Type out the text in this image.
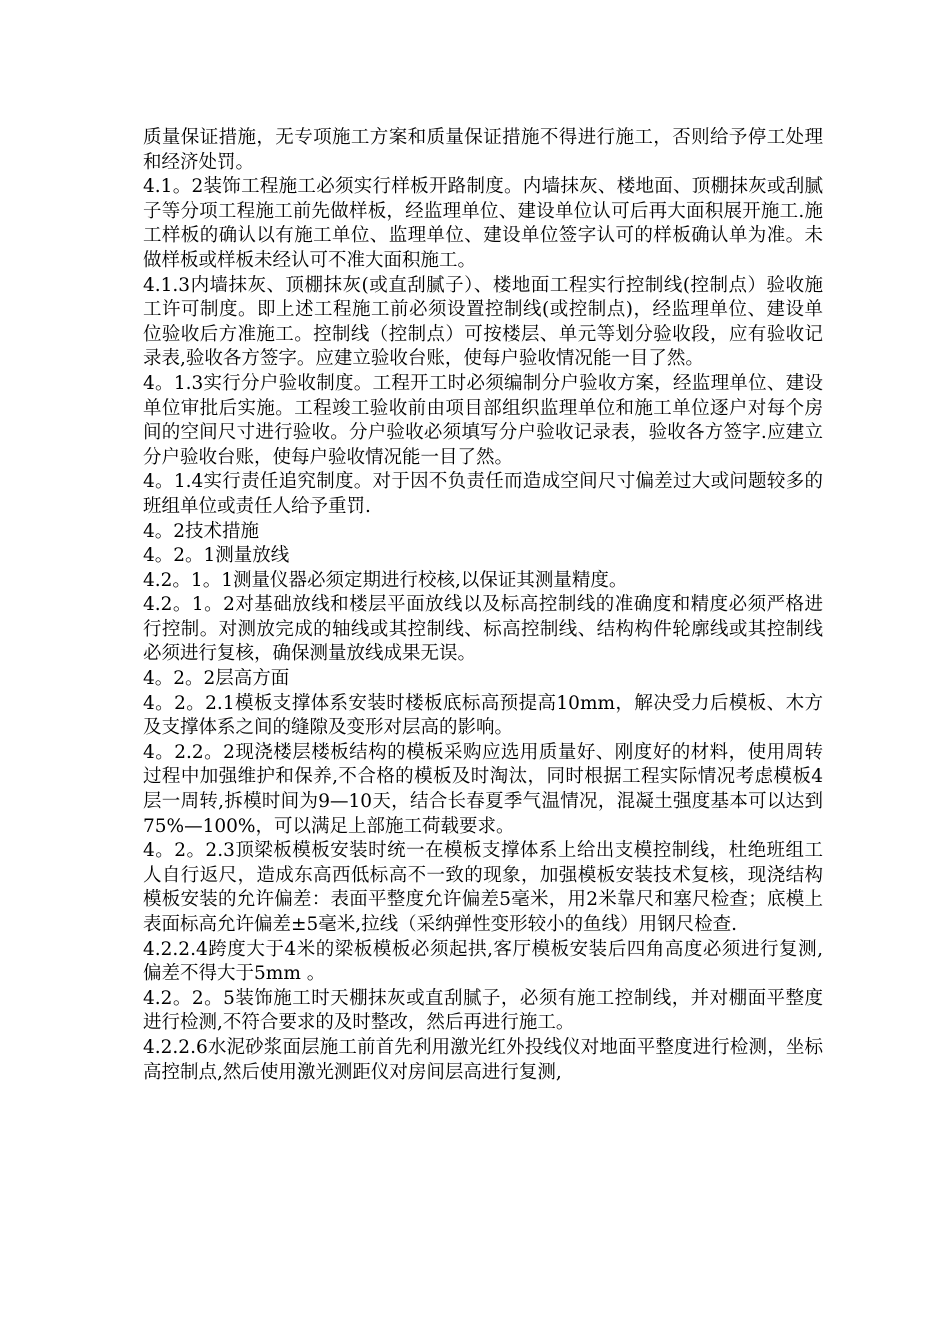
质量保证措施，无专项施工方案和质量保证措施不得进行施工，否则给予停工处理和经济处罚。

4.1。2装饰工程施工必须实行样板开路制度。内墙抹灰、楼地面、顶棚抹灰或刮腻子等分项工程施工前先做样板，经监理单位、建设单位认可后再大面积展开施工.施工样板的确认以有施工单位、监理单位、建设单位签字认可的样板确认单为准。未做样板或样板未经认可不准大面积施工。

4.1.3内墙抹灰、顶棚抹灰(或直刮腻子）、楼地面工程实行控制线(控制点）验收施工许可制度。即上述工程施工前必须设置控制线(或控制点)，经监理单位、建设单位验收后方准施工。控制线（控制点）可按楼层、单元等划分验收段，应有验收记录表,验收各方签字。应建立验收台账，使每户验收情况能一目了然。

4。1.3实行分户验收制度。工程开工时必须编制分户验收方案，经监理单位、建设单位审批后实施。工程竣工验收前由项目部组织监理单位和施工单位逐户对每个房间的空间尺寸进行验收。分户验收必须填写分户验收记录表，验收各方签字.应建立分户验收台账，使每户验收情况能一目了然。

4。1.4实行责任追究制度。对于因不负责任而造成空间尺寸偏差过大或问题较多的班组单位或责任人给予重罚.

4。2技术措施

4。2。1测量放线

4.2。1。1测量仪器必须定期进行校核,以保证其测量精度。

4.2。1。2对基础放线和楼层平面放线以及标高控制线的准确度和精度必须严格进行控制。对测放完成的轴线或其控制线、标高控制线、结构构件轮廓线或其控制线必须进行复核，确保测量放线成果无误。

4。2。2层高方面

4。2。2.1模板支撑体系安装时楼板底标高预提高10mm，解决受力后模板、木方及支撑体系之间的缝隙及变形对层高的影响。

4。2.2。2现浇楼层楼板结构的模板采购应选用质量好、刚度好的材料，使用周转过程中加强维护和保养,不合格的模板及时淘汰，同时根据工程实际情况考虑模板4层一周转,拆模时间为9—10天，结合长春夏季气温情况，混凝土强度基本可以达到75%—100%，可以满足上部施工荷载要求。

4。2。2.3顶梁板模板安装时统一在模板支撑体系上给出支模控制线，杜绝班组工人自行返尺，造成东高西低标高不一致的现象，加强模板安装技术复核，现浇结构模板安装的允许偏差：表面平整度允许偏差5毫米，用2米靠尺和塞尺检查；底模上表面标高允许偏差±5毫米,拉线（采纳弹性变形较小的鱼线）用钢尺检查.

4.2.2.4跨度大于4米的梁板模板必须起拱,客厅模板安装后四角高度必须进行复测,偏差不得大于5mm 。

4.2。2。5装饰施工时天棚抹灰或直刮腻子，必须有施工控制线，并对棚面平整度进行检测,不符合要求的及时整改，然后再进行施工。

4.2.2.6水泥砂浆面层施工前首先利用激光红外投线仪对地面平整度进行检测，坐标高控制点,然后使用激光测距仪对房间层高进行复测,
